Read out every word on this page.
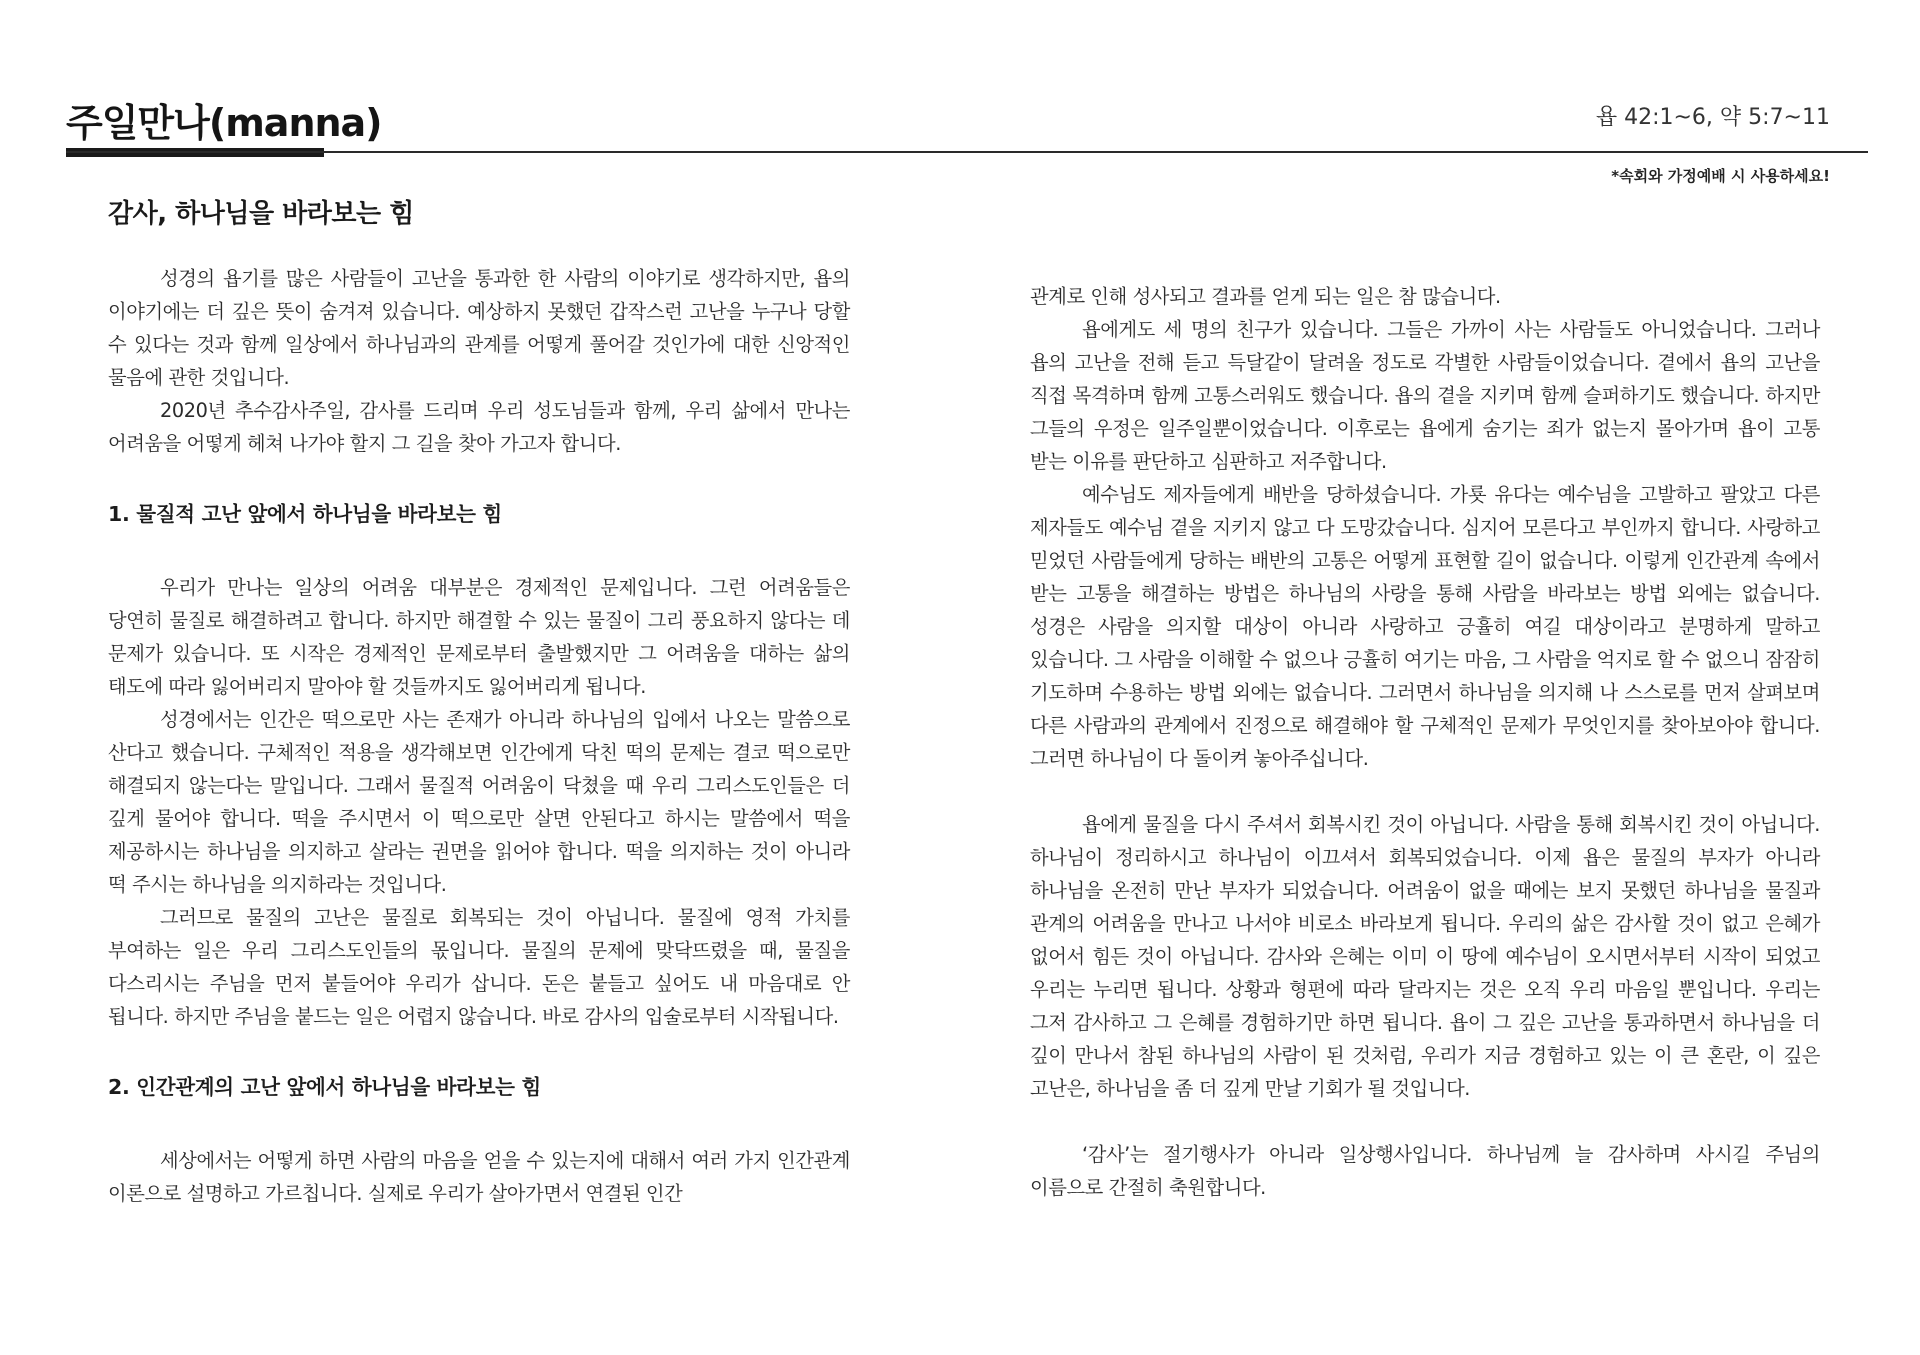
주일만나(manna)	욥 42:1~6, 약 5:7~11
*속회와 가정예배 시 사용하세요!
감사, 하나님을 바라보는 힘

성경의 욥기를 많은 사람들이 고난을 통과한 한 사람의 이야기로 생각하지만, 욥의 이야기에는 더 깊은 뜻이 숨겨져 있습니다. 예상하지 못했던 갑작스런 고난을 누구나 당할 수 있다는 것과 함께 일상에서 하나님과의 관계를 어떻게 풀어갈 것인가에 대한 신앙적인 물음에 관한 것입니다.

2020년 추수감사주일, 감사를 드리며 우리 성도님들과 함께, 우리 삶에서 만나는 어려움을 어떻게 헤쳐 나가야 할지 그 길을 찾아 가고자 합니다.

1. 물질적 고난 앞에서 하나님을 바라보는 힘

우리가 만나는 일상의 어려움 대부분은 경제적인 문제입니다. 그런 어려움들은 당연히 물질로 해결하려고 합니다. 하지만 해결할 수 있는 물질이 그리 풍요하지 않다는 데 문제가 있습니다. 또 시작은 경제적인 문제로부터 출발했지만 그 어려움을 대하는 삶의 태도에 따라 잃어버리지 말아야 할 것들까지도 잃어버리게 됩니다.

성경에서는 인간은 떡으로만 사는 존재가 아니라 하나님의 입에서 나오는 말씀으로 산다고 했습니다. 구체적인 적용을 생각해보면 인간에게 닥친 떡의 문제는 결코 떡으로만 해결되지 않는다는 말입니다. 그래서 물질적 어려움이 닥쳤을 때 우리 그리스도인들은 더 깊게 물어야 합니다. 떡을 주시면서 이 떡으로만 살면 안된다고 하시는 말씀에서 떡을 제공하시는 하나님을 의지하고 살라는 권면을 읽어야 합니다. 떡을 의지하는 것이 아니라 떡 주시는 하나님을 의지하라는 것입니다.

그러므로 물질의 고난은 물질로 회복되는 것이 아닙니다. 물질에 영적 가치를 부여하는 일은 우리 그리스도인들의 몫입니다. 물질의 문제에 맞닥뜨렸을 때, 물질을 다스리시는 주님을 먼저 붙들어야 우리가 삽니다. 돈은 붙들고 싶어도 내 마음대로 안 됩니다. 하지만 주님을 붙드는 일은 어렵지 않습니다. 바로 감사의 입술로부터 시작됩니다.

2. 인간관계의 고난 앞에서 하나님을 바라보는 힘

세상에서는 어떻게 하면 사람의 마음을 얻을 수 있는지에 대해서 여러 가지 인간관계 이론으로 설명하고 가르칩니다. 실제로 우리가 살아가면서 연결된 인간

관계로 인해 성사되고 결과를 얻게 되는 일은 참 많습니다.

욥에게도 세 명의 친구가 있습니다. 그들은 가까이 사는 사람들도 아니었습니다. 그러나 욥의 고난을 전해 듣고 득달같이 달려올 정도로 각별한 사람들이었습니다. 곁에서 욥의 고난을 직접 목격하며 함께 고통스러워도 했습니다. 욥의 곁을 지키며 함께 슬퍼하기도 했습니다. 하지만 그들의 우정은 일주일뿐이었습니다. 이후로는 욥에게 숨기는 죄가 없는지 몰아가며 욥이 고통 받는 이유를 판단하고 심판하고 저주합니다.

예수님도 제자들에게 배반을 당하셨습니다. 가룟 유다는 예수님을 고발하고 팔았고 다른 제자들도 예수님 곁을 지키지 않고 다 도망갔습니다. 심지어 모른다고 부인까지 합니다. 사랑하고 믿었던 사람들에게 당하는 배반의 고통은 어떻게 표현할 길이 없습니다. 이렇게 인간관계 속에서 받는 고통을 해결하는 방법은 하나님의 사랑을 통해 사람을 바라보는 방법 외에는 없습니다. 성경은 사람을 의지할 대상이 아니라 사랑하고 긍휼히 여길 대상이라고 분명하게 말하고 있습니다. 그 사람을 이해할 수 없으나 긍휼히 여기는 마음, 그 사람을 억지로 할 수 없으니 잠잠히 기도하며 수용하는 방법 외에는 없습니다. 그러면서 하나님을 의지해 나 스스로를 먼저 살펴보며 다른 사람과의 관계에서 진정으로 해결해야 할 구체적인 문제가 무엇인지를 찾아보아야 합니다. 그러면 하나님이 다 돌이켜 놓아주십니다.

욥에게 물질을 다시 주셔서 회복시킨 것이 아닙니다. 사람을 통해 회복시킨 것이 아닙니다. 하나님이 정리하시고 하나님이 이끄셔서 회복되었습니다. 이제 욥은 물질의 부자가 아니라 하나님을 온전히 만난 부자가 되었습니다. 어려움이 없을 때에는 보지 못했던 하나님을 물질과 관계의 어려움을 만나고 나서야 비로소 바라보게 됩니다. 우리의 삶은 감사할 것이 없고 은혜가 없어서 힘든 것이 아닙니다. 감사와 은혜는 이미 이 땅에 예수님이 오시면서부터 시작이 되었고 우리는 누리면 됩니다. 상황과 형편에 따라 달라지는 것은 오직 우리 마음일 뿐입니다. 우리는 그저 감사하고 그 은혜를 경험하기만 하면 됩니다. 욥이 그 깊은 고난을 통과하면서 하나님을 더 깊이 만나서 참된 하나님의 사람이 된 것처럼, 우리가 지금 경험하고 있는 이 큰 혼란, 이 깊은 고난은, 하나님을 좀 더 깊게 만날 기회가 될 것입니다.

‘감사’는 절기행사가 아니라 일상행사입니다. 하나님께 늘 감사하며 사시길 주님의 이름으로 간절히 축원합니다.
